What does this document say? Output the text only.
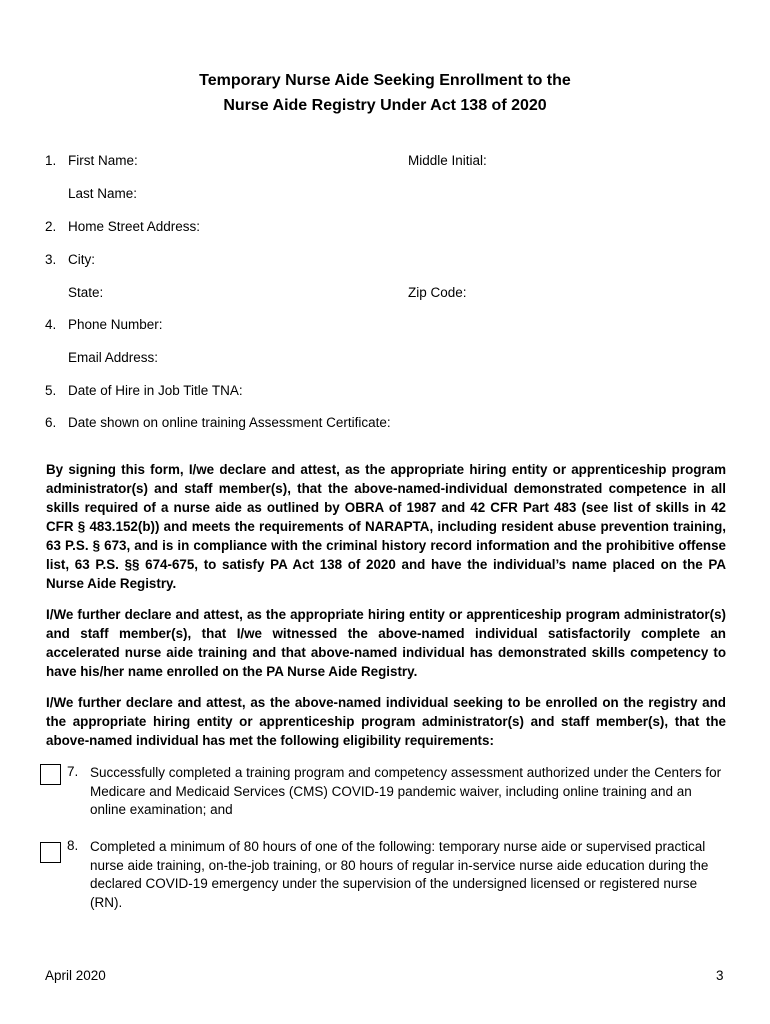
Temporary Nurse Aide Seeking Enrollment to the
Nurse Aide Registry Under Act 138 of 2020
1. First Name:	Middle Initial:
Last Name:
2. Home Street Address:
3. City:
State:	Zip Code:
4. Phone Number:
Email Address:
5. Date of Hire in Job Title TNA:
6. Date shown on online training Assessment Certificate:
By signing this form, I/we declare and attest, as the appropriate hiring entity or apprenticeship program administrator(s) and staff member(s), that the above-named-individual demonstrated competence in all skills required of a nurse aide as outlined by OBRA of 1987 and 42 CFR Part 483 (see list of skills in 42 CFR § 483.152(b)) and meets the requirements of NARAPTA, including resident abuse prevention training, 63 P.S. § 673, and is in compliance with the criminal history record information and the prohibitive offense list, 63 P.S. §§ 674-675, to satisfy PA Act 138 of 2020 and have the individual’s name placed on the PA Nurse Aide Registry.
I/We further declare and attest, as the appropriate hiring entity or apprenticeship program administrator(s) and staff member(s), that I/we witnessed the above-named individual satisfactorily complete an accelerated nurse aide training and that above-named individual has demonstrated skills competency to have his/her name enrolled on the PA Nurse Aide Registry.
I/We further declare and attest, as the above-named individual seeking to be enrolled on the registry and the appropriate hiring entity or apprenticeship program administrator(s) and staff member(s), that the above-named individual has met the following eligibility requirements:
7. Successfully completed a training program and competency assessment authorized under the Centers for Medicare and Medicaid Services (CMS) COVID-19 pandemic waiver, including online training and an online examination; and
8. Completed a minimum of 80 hours of one of the following: temporary nurse aide or supervised practical nurse aide training, on-the-job training, or 80 hours of regular in-service nurse aide education during the declared COVID-19 emergency under the supervision of the undersigned licensed or registered nurse (RN).
April 2020	3
